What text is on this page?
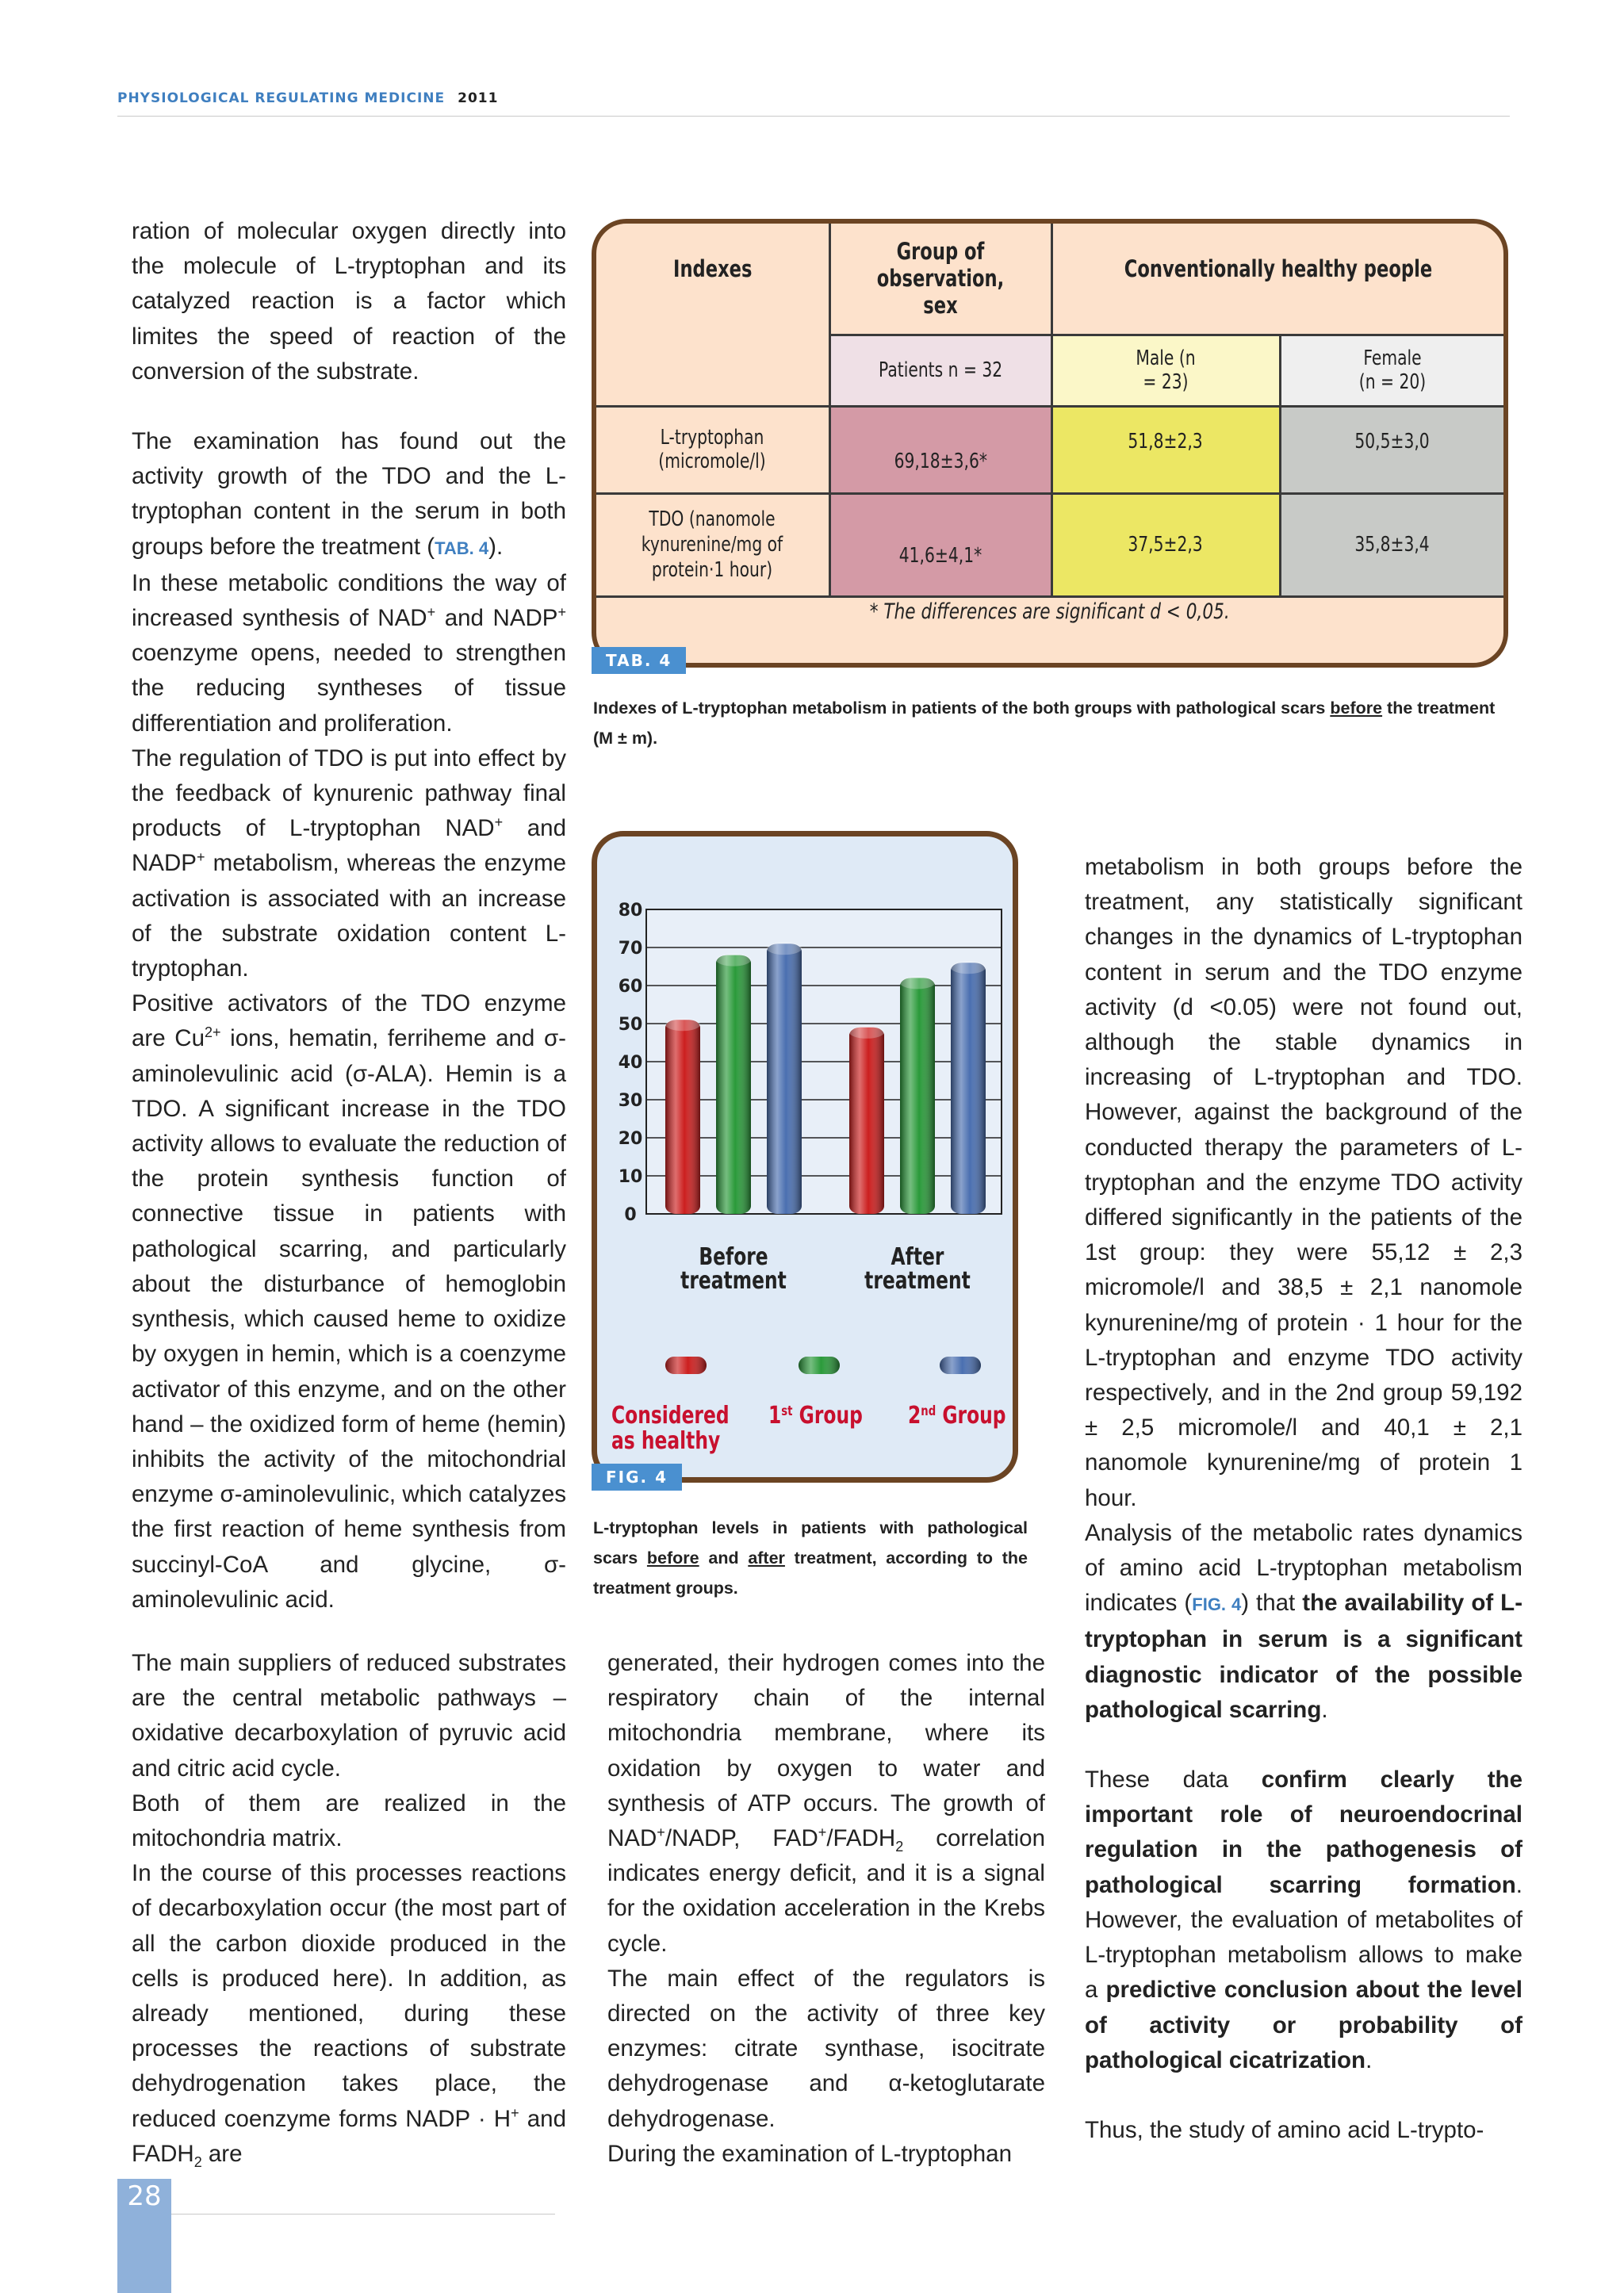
PHYSIOLOGICAL REGULATING MEDICINE 2011

ration of molecular oxygen directly into the molecule of L-tryptophan and its catalyzed reaction is a factor which limites the speed of reaction of the conversion of the substrate.

The examination has found out the activity growth of the TDO and the L-tryptophan content in the serum in both groups before the treatment (TAB. 4).

In these metabolic conditions the way of increased synthesis of NAD+ and NADP+ coenzyme opens, needed to strengthen the reducing syntheses of tissue differentiation and proliferation.

The regulation of TDO is put into effect by the feedback of kynurenic pathway final products of L-tryptophan NAD+ and NADP+ metabolism, whereas the enzyme activation is associated with an increase of the substrate oxidation content L-tryptophan.

Positive activators of the TDO enzyme are $Cu^{2+}$ ions, hematin, ferriheme and σ-aminolevulinic acid (σ-ALA). Hemin is a TDO. A significant increase in the TDO activity allows to evaluate the reduction of the protein synthesis function of connective tissue in patients with pathological scarring, and particularly about the disturbance of hemoglobin synthesis, which caused heme to oxidize by oxygen in hemin, which is a coenzyme activator of this enzyme, and on the other hand – the oxidized form of heme (hemin) inhibits the activity of the mitochondrial enzyme σ-aminolevulinic, which catalyzes the first reaction of heme synthesis from succinyl-CoA and glycine, σ- aminolevulinic acid.

The main suppliers of reduced substrates are the central metabolic pathways – oxidative decarboxylation of pyruvic acid and citric acid cycle.

Both of them are realized in the mitochondria matrix.

In the course of this processes reactions of decarboxylation occur (the most part of all the carbon dioxide produced in the cells is produced here). In addition, as already mentioned, during these processes the reactions of substrate dehydrogenation takes place, the reduced coenzyme forms NADP · H+ and $FADH_2$ are

generated, their hydrogen comes into the respiratory chain of the internal mitochondria membrane, where its oxidation by oxygen to water and synthesis of ATP occurs. The growth of NAD+/NADP, $FAD^+/FADH_2$ correlation indicates energy deficit, and it is a signal for the oxidation acceleration in the Krebs cycle.

The main effect of the regulators is directed on the activity of three key enzymes: citrate synthase, isocitrate dehydrogenase and α-ketoglutarate dehydrogenase.

During the examination of L-tryptophan

metabolism in both groups before the treatment, any statistically significant changes in the dynamics of L-tryptophan content in serum and the TDO enzyme activity (d <0.05) were not found out, although the stable dynamics in increasing of L-tryptophan and TDO. However, against the background of the conducted therapy the parameters of L-tryptophan and the enzyme TDO activity differed significantly in the patients of the 1st group: they were 55,12 ± 2,3 micromole/l and 38,5 ± 2,1 nanomole kynurenine/mg of protein · 1 hour for the L-tryptophan and enzyme TDO activity respectively, and in the 2nd group 59,192 ± 2,5 micromole/l and 40,1 ± 2,1 nanomole kynurenine/mg of protein 1 hour.

Analysis of the metabolic rates dynamics of amino acid L-tryptophan metabolism indicates (FIG. 4) that the availability of L-tryptophan in serum is a significant diagnostic indicator of the possible pathological scarring.

These data confirm clearly the important role of neuroendocrinal regulation in the pathogenesis of pathological scarring formation. However, the evaluation of metabolites of L-tryptophan metabolism allows to make a predictive conclusion about the level of activity or probability of pathological cicatrization.

Thus, the study of amino acid L-trypto-

Indexes	Group of observation, sex	Conventionally healthy people	
	Patients n = 32	Male (n = 23)	Female (n = 20)
L-tryptophan (micromole/l)	69,18±3,6*	51,8±2,3	50,5±3,0
TDO (nanomole kynurenine/mg of protein·1 hour)	41,6±4,1*	37,5±2,3	35,8±3,4
* The differences are significant d < 0,05.
TAB. 4
Indexes of L-tryptophan metabolism in patients of the both groups with pathological scars before the treatment (M ± m).
0
10
20
30
40
50
60
70
80
Before
treatment
After
treatment
Considered
as healthy
1st Group 2nd Group
FIG. 4
L-tryptophan levels in patients with pathological scars before and after treatment, according to the treatment groups.
28
